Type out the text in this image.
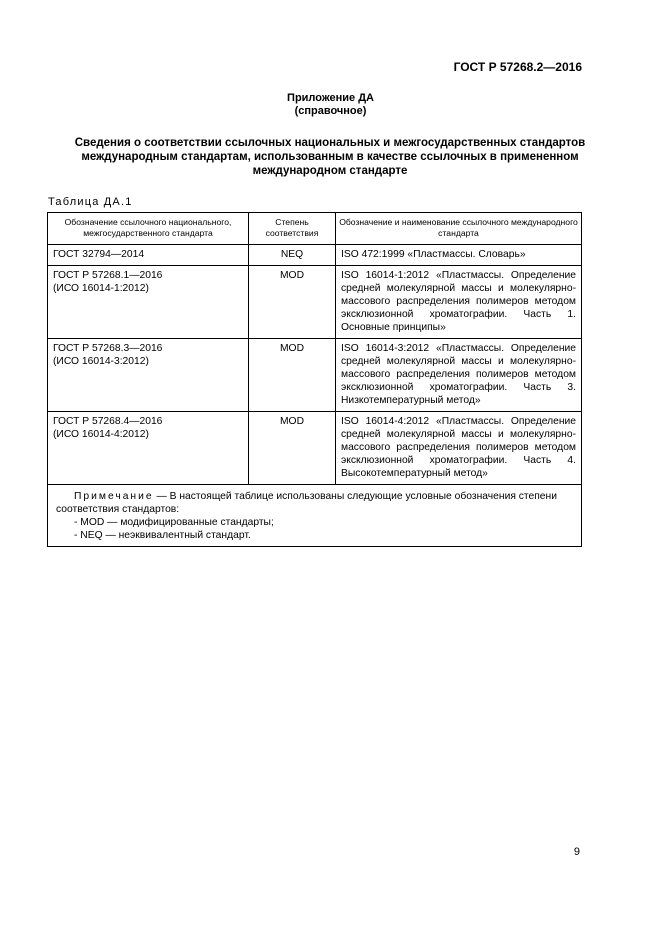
ГОСТ Р 57268.2—2016
Приложение ДА
(справочное)
Сведения о соответствии ссылочных национальных и межгосударственных стандартов
международным стандартам, использованным в качестве ссылочных в примененном
международном стандарте
Таблица ДА.1
Обозначение ссылочного национального, межгосударственного стандарта	Степень соответствия	Обозначение и наименование ссылочного международного стандарта

ГОСТ 32794—2014	NEQ	ISO 472:1999 «Пластмассы. Словарь»

ГОСТ Р 57268.1—2016
(ИСО 16014-1:2012)	MOD	ISO 16014-1:2012 «Пластмассы. Определение средней молекулярной массы и молекулярно-массового распределения полимеров методом эксклюзионной хроматографии. Часть 1. Основные принципы»

ГОСТ Р 57268.3—2016
(ИСО 16014-3:2012)	MOD	ISO 16014-3:2012 «Пластмассы. Определение средней молекулярной массы и молекулярно-массового распределения полимеров методом эксклюзионной хроматографии. Часть 3. Низкотемпературный метод»

ГОСТ Р 57268.4—2016
(ИСО 16014-4:2012)	MOD	ISO 16014-4:2012 «Пластмассы. Определение средней молекулярной массы и молекулярно-массового распределения полимеров методом эксклюзионной хроматографии. Часть 4. Высокотемпературный метод»

Примечание — В настоящей таблице использованы следующие условные обозначения степени соответствия стандартов:
- MOD — модифицированные стандарты;
- NEQ — неэквивалентный стандарт.		
9
